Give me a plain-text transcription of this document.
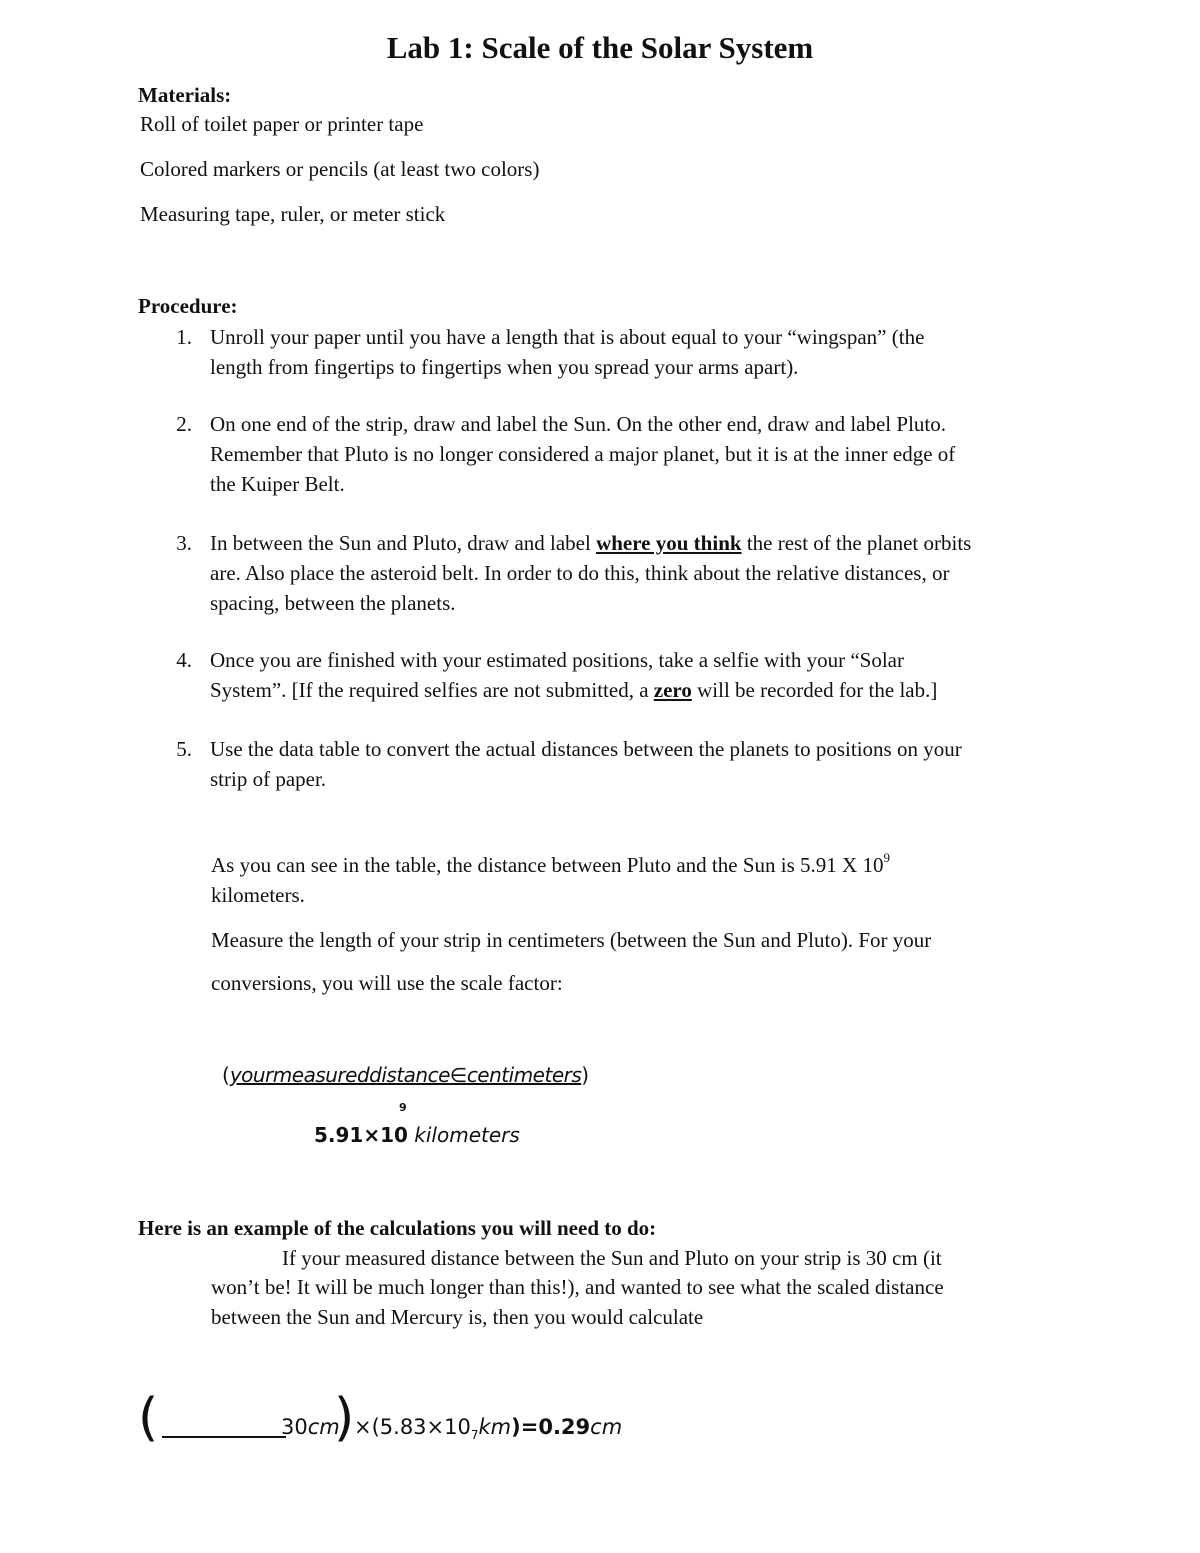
Lab 1: Scale of the Solar System
Materials:
Roll of toilet paper or printer tape
Colored markers or pencils (at least two colors)
Measuring tape, ruler, or meter stick
Procedure:
1. Unroll your paper until you have a length that is about equal to your “wingspan” (the
length from fingertips to fingertips when you spread your arms apart).
2. On one end of the strip, draw and label the Sun. On the other end, draw and label Pluto.
Remember that Pluto is no longer considered a major planet, but it is at the inner edge of
the Kuiper Belt.
3. In between the Sun and Pluto, draw and label where you think the rest of the planet orbits
are. Also place the asteroid belt. In order to do this, think about the relative distances, or
spacing, between the planets.
4. Once you are finished with your estimated positions, take a selfie with your “Solar
System”. [If the required selfies are not submitted, a zero will be recorded for the lab.]
5. Use the data table to convert the actual distances between the planets to positions on your
strip of paper.
As you can see in the table, the distance between Pluto and the Sun is 5.91 X $10^9$
kilometers.
Measure the length of your strip in centimeters (between the Sun and Pluto). For your
conversions, you will use the scale factor:
(yourmeasureddistance∈centimeters)
9
5.91×10 kilometers
Here is an example of the calculations you will need to do:
If your measured distance between the Sun and Pluto on your strip is 30 cm (it
won’t be! It will be much longer than this!), and wanted to see what the scaled distance
between the Sun and Mercury is, then you would calculate
(	30cm
) $\times(5.83\times 10_7km)=0.29cm$
